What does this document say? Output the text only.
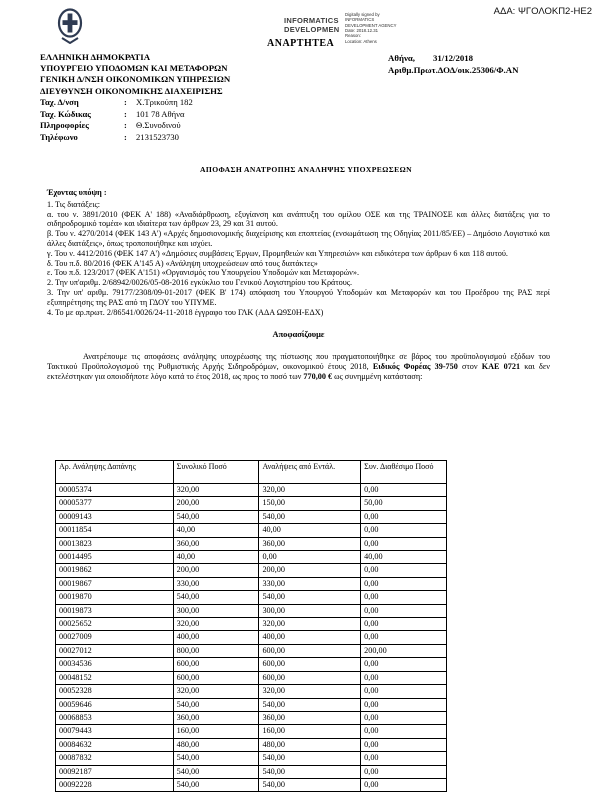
ΑΔΑ: ΨΓΟΛΟΚΠ2-ΗΕ2
INFORMATICS
DEVELOPMEN
Digitally signed by
INFORMATICS
DEVELOPMENT AGENCY
Date: 2018.12.31
Reason:
Location: Athens
ΑΝΑΡΤΗΤΕΑ
Αθήνα, 31/12/2018
Αριθμ.Πρωτ.ΔΟΔ/οικ.25306/Φ.ΑΝ
ΕΛΛΗΝΙΚΗ ΔΗΜΟΚΡΑΤΙΑ
ΥΠΟΥΡΓΕΙΟ ΥΠΟΔΟΜΩΝ ΚΑΙ ΜΕΤΑΦΟΡΩΝ
ΓΕΝΙΚΗ Δ/ΝΣΗ ΟΙΚΟΝΟΜΙΚΩΝ ΥΠΗΡΕΣΙΩΝ
ΔΙΕΥΘΥΝΣΗ ΟΙΚΟΝΟΜΙΚΗΣ ΔΙΑΧΕΙΡΙΣΗΣ
Ταχ. Δ/νση	:	Χ.Τρικούπη 182
Ταχ. Κώδικας	:	101 78 Αθήνα
Πληροφορίες	:	Θ.Συνοδινού
Τηλέφωνο	:	2131523730
ΑΠΟΦΑΣΗ ΑΝΑΤΡΟΠΗΣ ΑΝΑΛΗΨΗΣ ΥΠΟΧΡΕΩΣΕΩΝ
Έχοντας υπόψη :
1. Τις διατάξεις:
α. του ν. 3891/2010 (ΦΕΚ Α' 188) «Αναδιάρθρωση, εξυγίανση και ανάπτυξη του ομίλου ΟΣΕ και της ΤΡΑΙΝΟΣΕ και άλλες διατάξεις για το σιδηροδρομικό τομέα» και ιδιαίτερα των άρθρων 23, 29 και 31 αυτού.
β. Του ν. 4270/2014 (ΦΕΚ 143 Α') «Αρχές δημοσιονομικής διαχείρισης και εποπτείας (ενσωμάτωση της Οδηγίας 2011/85/ΕΕ) – Δημόσιο Λογιστικό και άλλες διατάξεις», όπως τροποποιήθηκε και ισχύει.
γ. Του ν. 4412/2016 (ΦΕΚ 147 Α') «Δημόσιες συμβάσεις Έργων, Προμηθειών και Υπηρεσιών» και ειδικότερα των άρθρων 6 και 118 αυτού.
δ. Του π.δ. 80/2016 (ΦΕΚ Α'145 Α) «Ανάληψη υποχρεώσεων από τους διατάκτες»
ε. Του π.δ. 123/2017 (ΦΕΚ Α'151) «Οργανισμός του Υπουργείου Υποδομών και Μεταφορών».
2. Την υπ'αριθμ. 2/68942/0026/05-08-2016 εγκύκλιο του Γενικού Λογιστηρίου του Κράτους.
3. Την υπ' αριθμ. 79177/2308/09-01-2017 (ΦΕΚ Β' 174) απόφαση του Υπουργού Υποδομών και Μεταφορών και του Προέδρου της ΡΑΣ περί εξυπηρέτησης της ΡΑΣ από τη ΓΔΟΥ του ΥΠΥΜΕ.
4. Το με αρ.πρωτ. 2/86541/0026/24-11-2018 έγγραφο του ΓΛΚ (ΑΔΑ Ω9Σ0Η-ΕΔΧ)
Αποφασίζουμε
Ανατρέπουμε τις αποφάσεις ανάληψης υποχρέωσης της πίστωσης που πραγματοποιήθηκε σε βάρος του προϋπολογισμού εξόδων του Τακτικού Προϋπολογισμού της Ρυθμιστικής Αρχής Σιδηροδρόμων, οικονομικού έτους 2018, Ειδικός Φορέας 39-750 στον ΚΑΕ 0721 και δεν εκτελέστηκαν για οποιοδήποτε λόγο κατά το έτος 2018, ως προς το ποσό των 770,00 € ως συνημμένη κατάσταση:
Αρ. Ανάληψης Δαπάνης	Συνολικό Ποσό	Αναλήψεις από Εντάλ.	Συν. Διαθέσιμο Ποσό
00005374	320,00	320,00	0,00
00005377	200,00	150,00	50,00
00009143	540,00	540,00	0,00
00011854	40,00	40,00	0,00
00013823	360,00	360,00	0,00
00014495	40,00	0,00	40,00
00019862	200,00	200,00	0,00
00019867	330,00	330,00	0,00
00019870	540,00	540,00	0,00
00019873	300,00	300,00	0,00
00025652	320,00	320,00	0,00
00027009	400,00	400,00	0,00
00027012	800,00	600,00	200,00
00034536	600,00	600,00	0,00
00048152	600,00	600,00	0,00
00052328	320,00	320,00	0,00
00059646	540,00	540,00	0,00
00068853	360,00	360,00	0,00
00079443	160,00	160,00	0,00
00084632	480,00	480,00	0,00
00087832	540,00	540,00	0,00
00092187	540,00	540,00	0,00
00092228	540,00	540,00	0,00
